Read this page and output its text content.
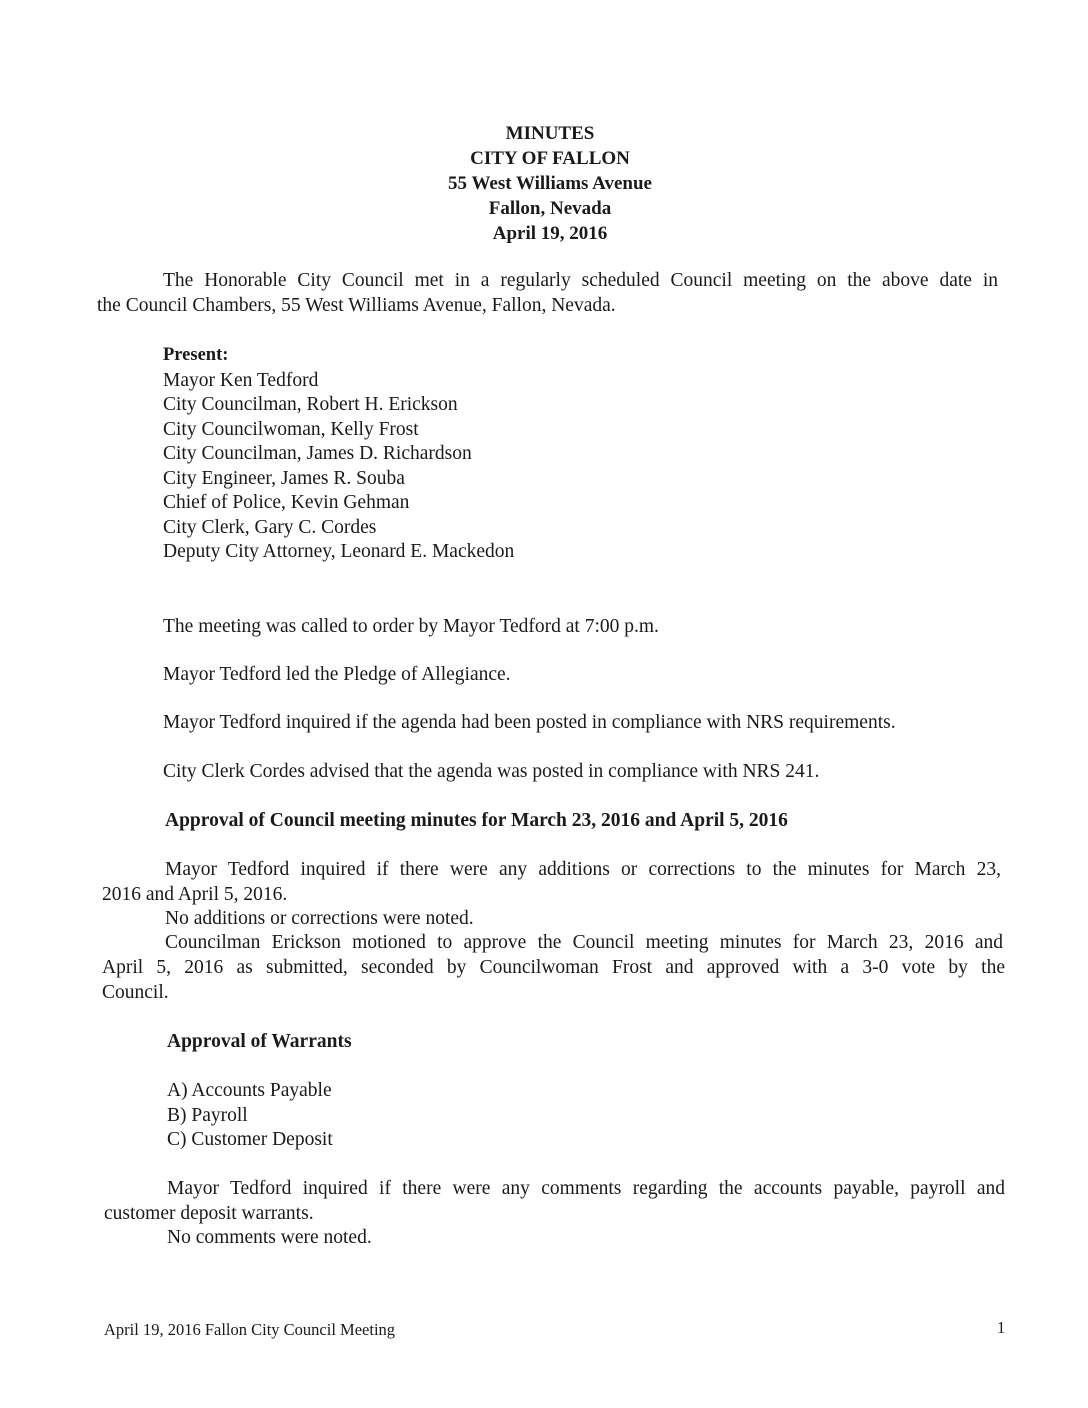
MINUTES
CITY OF FALLON
55 West Williams Avenue
Fallon, Nevada
April 19, 2016
The Honorable City Council met in a regularly scheduled Council meeting on the above date in
the Council Chambers, 55 West Williams Avenue, Fallon, Nevada.
Present:
Mayor Ken Tedford
City Councilman, Robert H. Erickson
City Councilwoman, Kelly Frost
City Councilman, James D. Richardson
City Engineer, James R. Souba
Chief of Police, Kevin Gehman
City Clerk, Gary C. Cordes
Deputy City Attorney, Leonard E. Mackedon
The meeting was called to order by Mayor Tedford at 7:00 p.m.
Mayor Tedford led the Pledge of Allegiance.
Mayor Tedford inquired if the agenda had been posted in compliance with NRS requirements.
City Clerk Cordes advised that the agenda was posted in compliance with NRS 241.
Approval of Council meeting minutes for March 23, 2016 and April 5, 2016
Mayor Tedford inquired if there were any additions or corrections to the minutes for March 23,
2016 and April 5, 2016.
No additions or corrections were noted.
Councilman Erickson motioned to approve the Council meeting minutes for March 23, 2016 and
April 5, 2016 as submitted, seconded by Councilwoman Frost and approved with a 3-0 vote by the
Council.
Approval of Warrants
A) Accounts Payable
B) Payroll
C) Customer Deposit
Mayor Tedford inquired if there were any comments regarding the accounts payable, payroll and
customer deposit warrants.
No comments were noted.
April 19, 2016 Fallon City Council Meeting	1
